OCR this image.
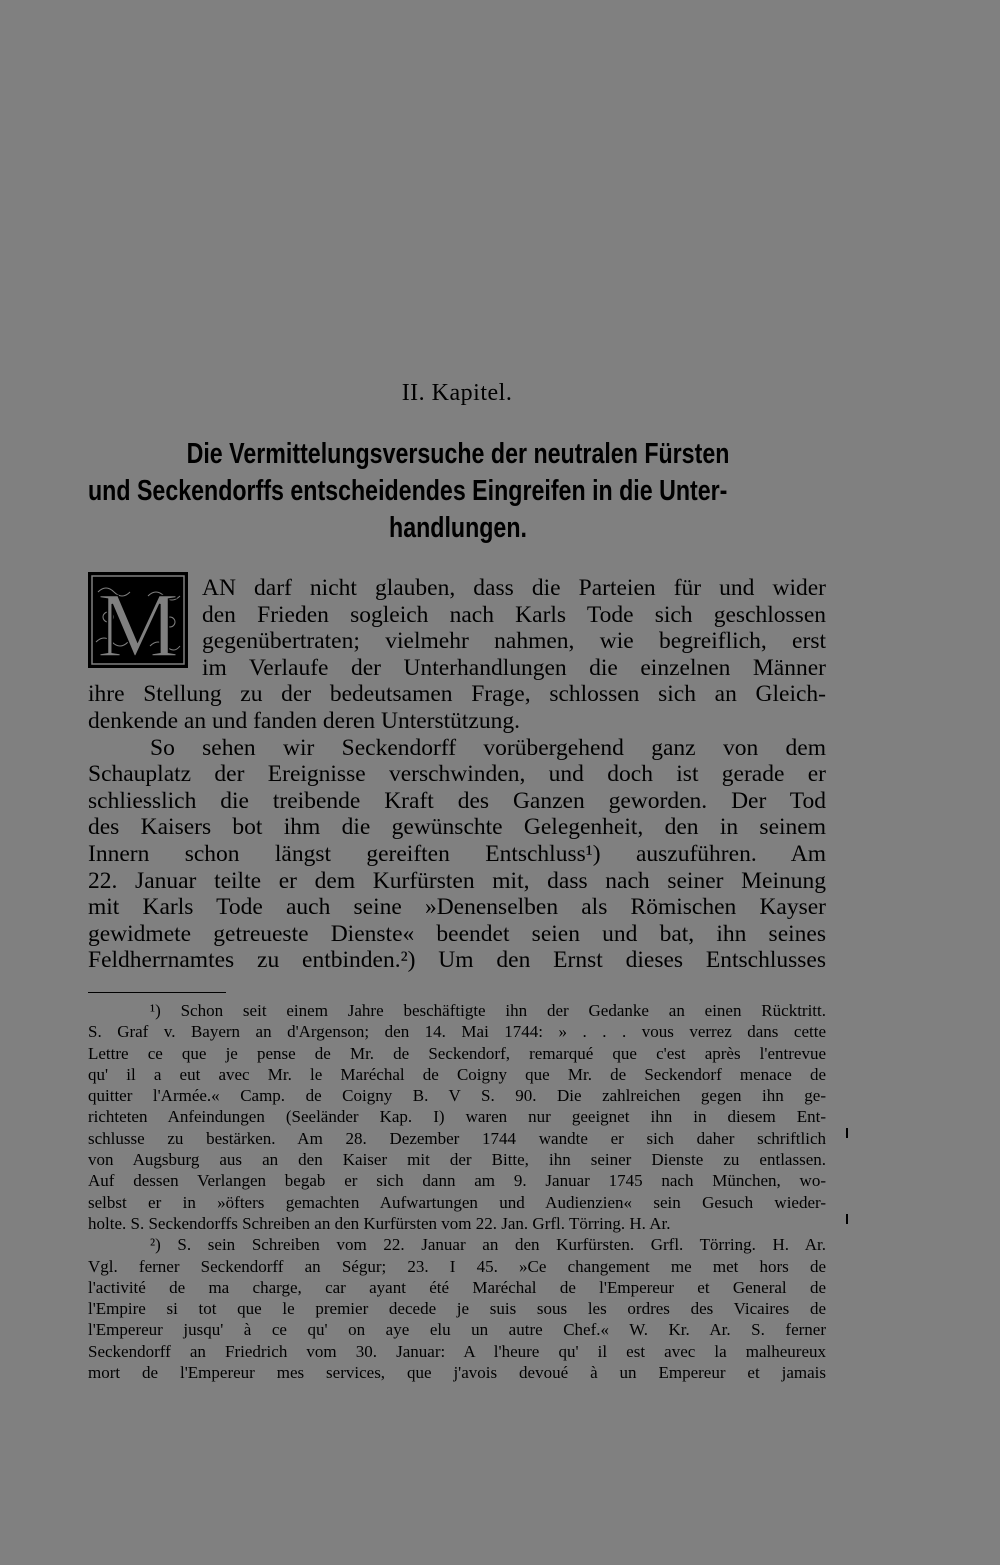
II. Kapitel.
Die Vermittelungsversuche der neutralen Fürsten
und Seckendorffs entscheidendes Eingreifen in die Unter-
handlungen.
M AN darf nicht glauben, dass die Parteien für und wider
den Frieden sogleich nach Karls Tode sich geschlossen
gegenübertraten; vielmehr nahmen, wie begreiflich, erst
im Verlaufe der Unterhandlungen die einzelnen Männer
ihre Stellung zu der bedeutsamen Frage, schlossen sich an Gleich-
denkende an und fanden deren Unterstützung.
So sehen wir Seckendorff vorübergehend ganz von dem
Schauplatz der Ereignisse verschwinden, und doch ist gerade er
schliesslich die treibende Kraft des Ganzen geworden. Der Tod
des Kaisers bot ihm die gewünschte Gelegenheit, den in seinem
Innern schon längst gereiften Entschluss¹) auszuführen. Am
22. Januar teilte er dem Kurfürsten mit, dass nach seiner Meinung
mit Karls Tode auch seine »Denenselben als Römischen Kayser
gewidmete getreueste Dienste« beendet seien und bat, ihn seines
Feldherrnamtes zu entbinden.²) Um den Ernst dieses Entschlusses
¹) Schon seit einem Jahre beschäftigte ihn der Gedanke an einen Rücktritt.
S. Graf v. Bayern an d'Argenson; den 14. Mai 1744: » . . . vous verrez dans cette
Lettre ce que je pense de Mr. de Seckendorf, remarqué que c'est après l'entrevue
qu' il a eut avec Mr. le Maréchal de Coigny que Mr. de Seckendorf menace de
quitter l'Armée.« Camp. de Coigny B. V S. 90. Die zahlreichen gegen ihn ge-
richteten Anfeindungen (Seeländer Kap. I) waren nur geeignet ihn in diesem Ent-
schlusse zu bestärken. Am 28. Dezember 1744 wandte er sich daher schriftlich
von Augsburg aus an den Kaiser mit der Bitte, ihn seiner Dienste zu entlassen.
Auf dessen Verlangen begab er sich dann am 9. Januar 1745 nach München, wo-
selbst er in »öfters gemachten Aufwartungen und Audienzien« sein Gesuch wieder-
holte. S. Seckendorffs Schreiben an den Kurfürsten vom 22. Jan. Grfl. Törring. H. Ar.
²) S. sein Schreiben vom 22. Januar an den Kurfürsten. Grfl. Törring. H. Ar.
Vgl. ferner Seckendorff an Ségur; 23. I 45. »Ce changement me met hors de
l'activité de ma charge, car ayant été Maréchal de l'Empereur et General de
l'Empire si tot que le premier decede je suis sous les ordres des Vicaires de
l'Empereur jusqu' à ce qu' on aye elu un autre Chef.« W. Kr. Ar. S. ferner
Seckendorff an Friedrich vom 30. Januar: A l'heure qu' il est avec la malheureux
mort de l'Empereur mes services, que j'avois devoué à un Empereur et jamais
